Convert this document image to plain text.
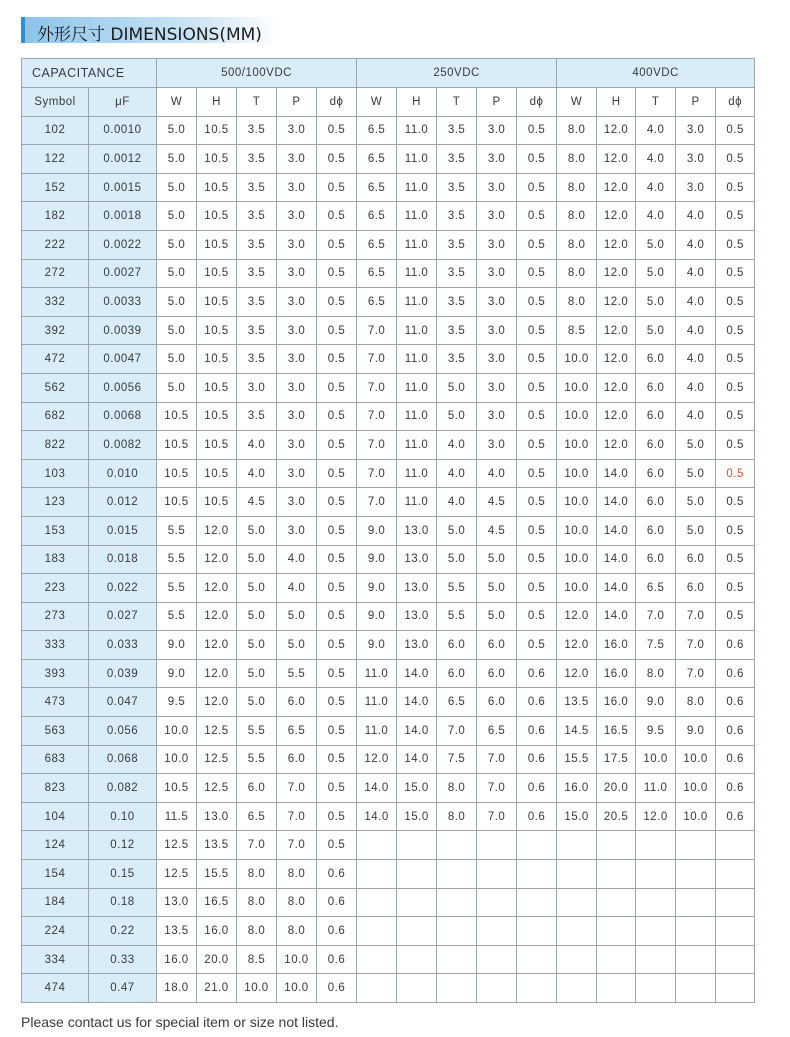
外形尺寸 DIMENSIONS(MM)
CAPACITANCE		500/100VDC					250VDC					400VDC				
Symbol	μF	W	H	T	P	dϕ	W	H	T	P	dϕ	W	H	T	P	dϕ
102	0.0010	5.0	10.5	3.5	3.0	0.5	6.5	11.0	3.5	3.0	0.5	8.0	12.0	4.0	3.0	0.5
122	0.0012	5.0	10.5	3.5	3.0	0.5	6.5	11.0	3.5	3.0	0.5	8.0	12.0	4.0	3.0	0.5
152	0.0015	5.0	10.5	3.5	3.0	0.5	6.5	11.0	3.5	3.0	0.5	8.0	12.0	4.0	3.0	0.5
182	0.0018	5.0	10.5	3.5	3.0	0.5	6.5	11.0	3.5	3.0	0.5	8.0	12.0	4.0	4.0	0.5
222	0.0022	5.0	10.5	3.5	3.0	0.5	6.5	11.0	3.5	3.0	0.5	8.0	12.0	5.0	4.0	0.5
272	0.0027	5.0	10.5	3.5	3.0	0.5	6.5	11.0	3.5	3.0	0.5	8.0	12.0	5.0	4.0	0.5
332	0.0033	5.0	10.5	3.5	3.0	0.5	6.5	11.0	3.5	3.0	0.5	8.0	12.0	5.0	4.0	0.5
392	0.0039	5.0	10.5	3.5	3.0	0.5	7.0	11.0	3.5	3.0	0.5	8.5	12.0	5.0	4.0	0.5
472	0.0047	5.0	10.5	3.5	3.0	0.5	7.0	11.0	3.5	3.0	0.5	10.0	12.0	6.0	4.0	0.5
562	0.0056	5.0	10.5	3.0	3.0	0.5	7.0	11.0	5.0	3.0	0.5	10.0	12.0	6.0	4.0	0.5
682	0.0068	10.5	10.5	3.5	3.0	0.5	7.0	11.0	5.0	3.0	0.5	10.0	12.0	6.0	4.0	0.5
822	0.0082	10.5	10.5	4.0	3.0	0.5	7.0	11.0	4.0	3.0	0.5	10.0	12.0	6.0	5.0	0.5
103	0.010	10.5	10.5	4.0	3.0	0.5	7.0	11.0	4.0	4.0	0.5	10.0	14.0	6.0	5.0	0.5
123	0.012	10.5	10.5	4.5	3.0	0.5	7.0	11.0	4.0	4.5	0.5	10.0	14.0	6.0	5.0	0.5
153	0.015	5.5	12.0	5.0	3.0	0.5	9.0	13.0	5.0	4.5	0.5	10.0	14.0	6.0	5.0	0.5
183	0.018	5.5	12.0	5.0	4.0	0.5	9.0	13.0	5.0	5.0	0.5	10.0	14.0	6.0	6.0	0.5
223	0.022	5.5	12.0	5.0	4.0	0.5	9.0	13.0	5.5	5.0	0.5	10.0	14.0	6.5	6.0	0.5
273	0.027	5.5	12.0	5.0	5.0	0.5	9.0	13.0	5.5	5.0	0.5	12.0	14.0	7.0	7.0	0.5
333	0.033	9.0	12.0	5.0	5.0	0.5	9.0	13.0	6.0	6.0	0.5	12.0	16.0	7.5	7.0	0.6
393	0.039	9.0	12.0	5.0	5.5	0.5	11.0	14.0	6.0	6.0	0.6	12.0	16.0	8.0	7.0	0.6
473	0.047	9.5	12.0	5.0	6.0	0.5	11.0	14.0	6.5	6.0	0.6	13.5	16.0	9.0	8.0	0.6
563	0.056	10.0	12.5	5.5	6.5	0.5	11.0	14.0	7.0	6.5	0.6	14.5	16.5	9.5	9.0	0.6
683	0.068	10.0	12.5	5.5	6.0	0.5	12.0	14.0	7.5	7.0	0.6	15.5	17.5	10.0	10.0	0.6
823	0.082	10.5	12.5	6.0	7.0	0.5	14.0	15.0	8.0	7.0	0.6	16.0	20.0	11.0	10.0	0.6
104	0.10	11.5	13.0	6.5	7.0	0.5	14.0	15.0	8.0	7.0	0.6	15.0	20.5	12.0	10.0	0.6
124	0.12	12.5	13.5	7.0	7.0	0.5										
154	0.15	12.5	15.5	8.0	8.0	0.6										
184	0.18	13.0	16.5	8.0	8.0	0.6										
224	0.22	13.5	16.0	8.0	8.0	0.6										
334	0.33	16.0	20.0	8.5	10.0	0.6										
474	0.47	18.0	21.0	10.0	10.0	0.6										
Please contact us for special item or size not listed.
